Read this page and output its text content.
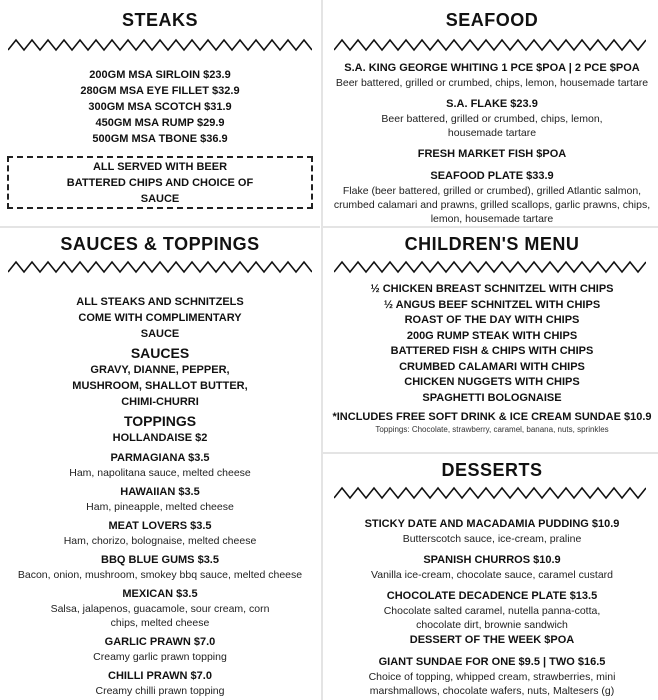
STEAKS
200GM MSA SIRLOIN $23.9
280GM MSA EYE FILLET $32.9
300GM MSA SCOTCH $31.9
450GM MSA RUMP $29.9
500GM MSA TBONE $36.9
ALL SERVED WITH BEER BATTERED CHIPS AND CHOICE OF SAUCE
SEAFOOD
S.A. KING GEORGE WHITING 1 PCE $POA | 2 PCE $POA
Beer battered, grilled or crumbed, chips, lemon, housemade tartare
S.A. FLAKE $23.9
Beer battered, grilled or crumbed, chips, lemon, housemade tartare
FRESH MARKET FISH $POA
SEAFOOD PLATE $33.9
Flake (beer battered, grilled or crumbed), grilled Atlantic salmon, crumbed calamari and prawns, grilled scallops, garlic prawns, chips, lemon, housemade tartare
SAUCES & TOPPINGS
ALL STEAKS AND SCHNITZELS COME WITH COMPLIMENTARY SAUCE
SAUCES
GRAVY, DIANNE, PEPPER, MUSHROOM, SHALLOT BUTTER, CHIMI-CHURRI
TOPPINGS
HOLLANDAISE $2
PARMAGIANA $3.5
Ham, napolitana sauce, melted cheese
HAWAIIAN $3.5
Ham, pineapple, melted cheese
MEAT LOVERS $3.5
Ham, chorizo, bolognaise, melted cheese
BBQ BLUE GUMS $3.5
Bacon, onion, mushroom, smokey bbq sauce, melted cheese
MEXICAN $3.5
Salsa, jalapenos, guacamole, sour cream, corn chips, melted cheese
GARLIC PRAWN $7.0
Creamy garlic prawn topping
CHILLI PRAWN $7.0
Creamy chilli prawn topping
CHILDREN'S MENU
½ CHICKEN BREAST SCHNITZEL WITH CHIPS
½ ANGUS BEEF SCHNITZEL WITH CHIPS
ROAST OF THE DAY WITH CHIPS
200G RUMP STEAK WITH CHIPS
BATTERED FISH & CHIPS WITH CHIPS
CRUMBED CALAMARI WITH CHIPS
CHICKEN NUGGETS WITH CHIPS
SPAGHETTI BOLOGNAISE
*INCLUDES FREE SOFT DRINK & ICE CREAM SUNDAE $10.9
Toppings: Chocolate, strawberry, caramel, banana, nuts, sprinkles
DESSERTS
STICKY DATE AND MACADAMIA PUDDING $10.9
Butterscotch sauce, ice-cream, praline
SPANISH CHURROS $10.9
Vanilla ice-cream, chocolate sauce, caramel custard
CHOCOLATE DECADENCE PLATE $13.5
Chocolate salted caramel, nutella panna-cotta, chocolate dirt, brownie sandwich
DESSERT OF THE WEEK $POA
GIANT SUNDAE FOR ONE $9.5 | TWO $16.5
Choice of topping, whipped cream, strawberries, mini marshmallows, chocolate wafers, nuts, Maltesers (g)
